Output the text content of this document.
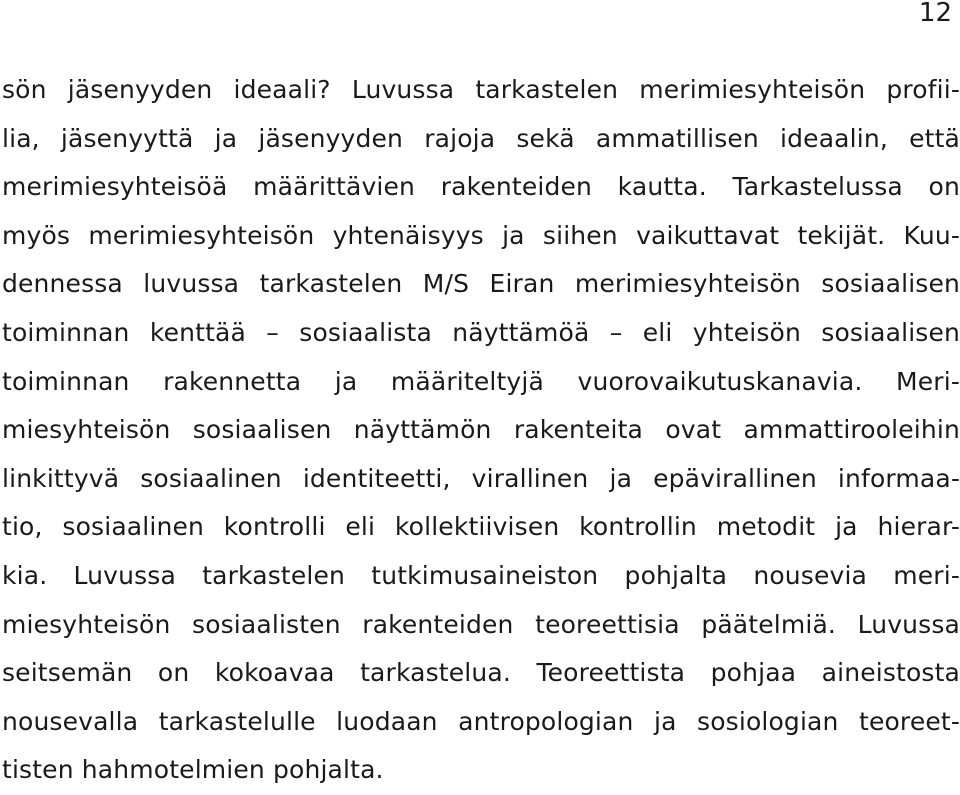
12
sön jäsenyyden ideaali? Luvussa tarkastelen merimiesyhteisön profii-
lia, jäsenyyttä ja jäsenyyden rajoja sekä ammatillisen ideaalin, että
merimiesyhteisöä määrittävien rakenteiden kautta. Tarkastelussa on
myös merimiesyhteisön yhtenäisyys ja siihen vaikuttavat tekijät. Kuu-
dennessa luvussa tarkastelen M/S Eiran merimiesyhteisön sosiaalisen
toiminnan kenttää – sosiaalista näyttämöä – eli yhteisön sosiaalisen
toiminnan rakennetta ja määriteltyjä vuorovaikutuskanavia. Meri-
miesyhteisön sosiaalisen näyttämön rakenteita ovat ammattirooleihin
linkittyvä sosiaalinen identiteetti, virallinen ja epävirallinen informaa-
tio, sosiaalinen kontrolli eli kollektiivisen kontrollin metodit ja hierar-
kia. Luvussa tarkastelen tutkimusaineiston pohjalta nousevia meri-
miesyhteisön sosiaalisten rakenteiden teoreettisia päätelmiä. Luvussa
seitsemän on kokoavaa tarkastelua. Teoreettista pohjaa aineistosta
nousevalla tarkastelulle luodaan antropologian ja sosiologian teoreet-
tisten hahmotelmien pohjalta.
